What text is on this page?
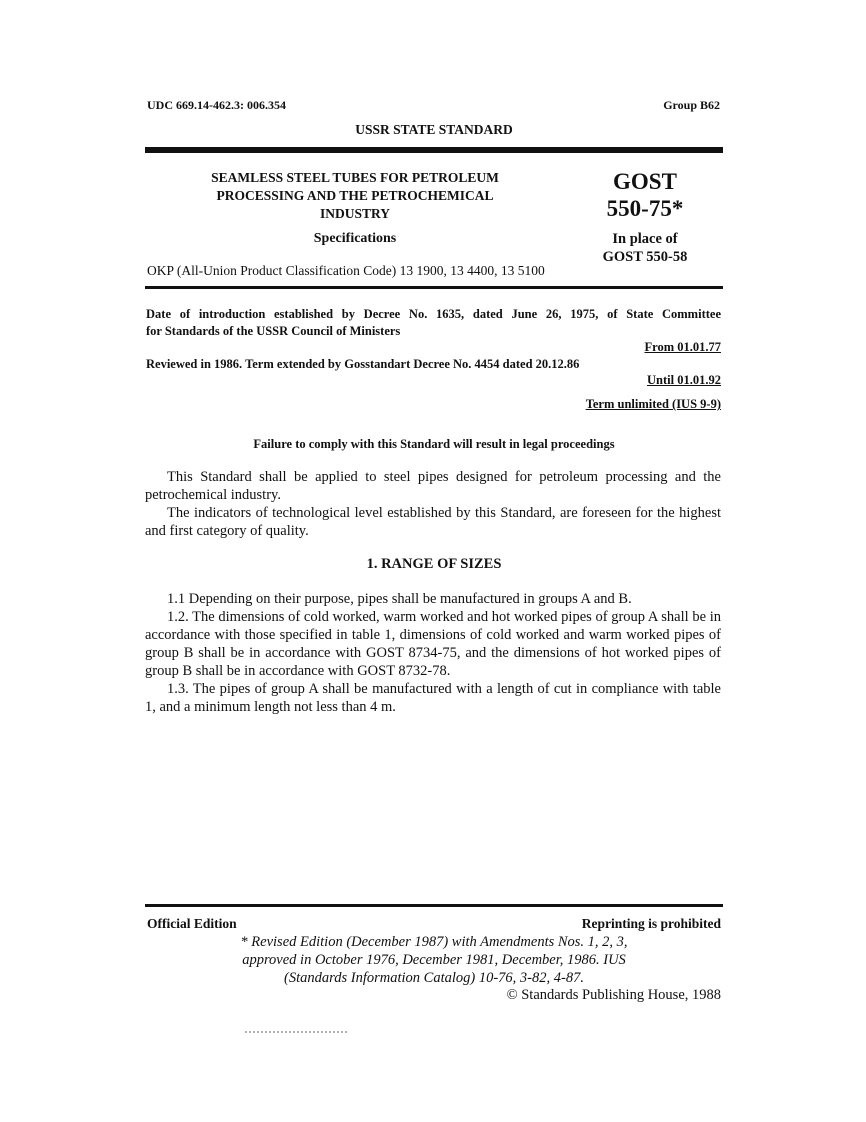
UDC 669.14-462.3: 006.354	Group B62
USSR STATE STANDARD
SEAMLESS STEEL TUBES FOR PETROLEUM
PROCESSING AND THE PETROCHEMICAL
INDUSTRY
Specifications
OKP (All-Union Product Classification Code) 13 1900, 13 4400, 13 5100
GOST
550-75*
In place of
GOST 550-58
Date of introduction established by Decree No. 1635, dated June 26, 1975, of State Committee
for Standards of the USSR Council of Ministers
From 01.01.77
Reviewed in 1986. Term extended by Gosstandart Decree No. 4454 dated 20.12.86
Until 01.01.92
Term unlimited (IUS 9-9)
Failure to comply with this Standard will result in legal proceedings

This Standard shall be applied to steel pipes designed for petroleum processing and the petrochemical industry.

The indicators of technological level established by this Standard, are foreseen for the highest and first category of quality.

1. RANGE OF SIZES

1.1 Depending on their purpose, pipes shall be manufactured in groups A and B.

1.2. The dimensions of cold worked, warm worked and hot worked pipes of group A shall be in accordance with those specified in table 1, dimensions of cold worked and warm worked pipes of group B shall be in accordance with GOST 8734-75, and the dimensions of hot worked pipes of group B shall be in accordance with GOST 8732-78.

1.3. The pipes of group A shall be manufactured with a length of cut in compliance with table 1, and a minimum length not less than 4 m.

Official Edition	Reprinting is prohibited
* Revised Edition (December 1987) with Amendments Nos. 1, 2, 3,
approved in October 1976, December 1981, December, 1986. IUS
(Standards Information Catalog) 10-76, 3-82, 4-87.
© Standards Publishing House, 1988
